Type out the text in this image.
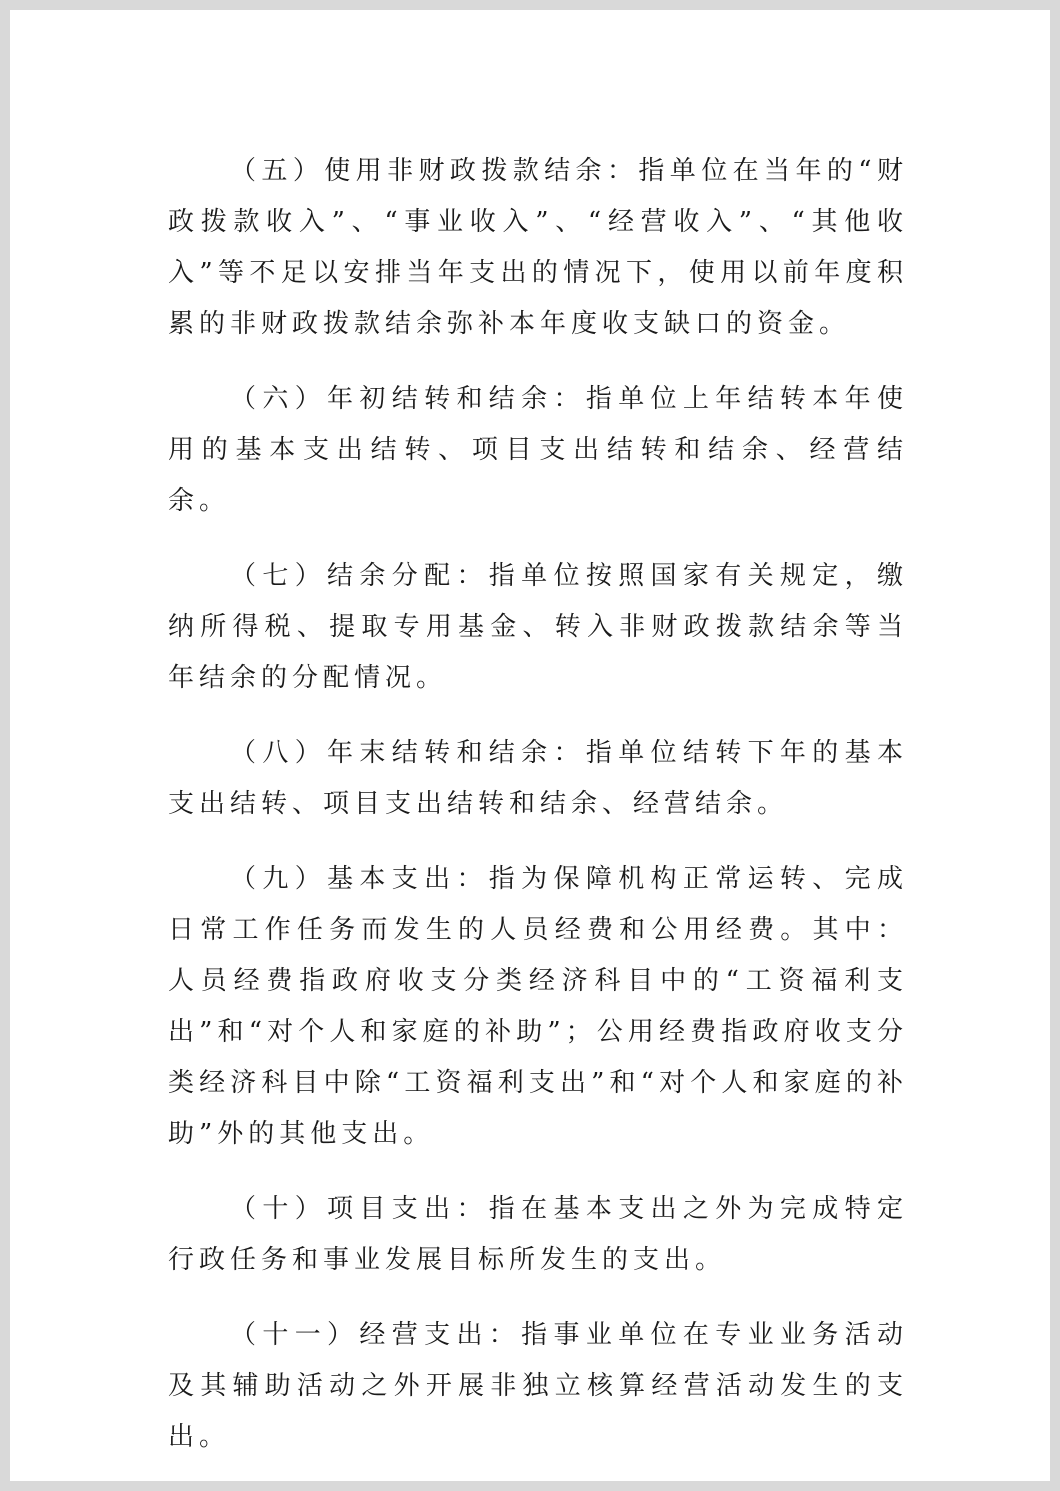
（五）使用非财政拨款结余：指单位在当年的“财政拨款收入”、“事业收入”、“经营收入”、“其他收入”等不足以安排当年支出的情况下，使用以前年度积累的非财政拨款结余弥补本年度收支缺口的资金。

（六）年初结转和结余：指单位上年结转本年使用的基本支出结转、项目支出结转和结余、经营结余。

（七）结余分配：指单位按照国家有关规定，缴纳所得税、提取专用基金、转入非财政拨款结余等当年结余的分配情况。

（八）年末结转和结余：指单位结转下年的基本支出结转、项目支出结转和结余、经营结余。

（九）基本支出：指为保障机构正常运转、完成日常工作任务而发生的人员经费和公用经费。其中：人员经费指政府收支分类经济科目中的“工资福利支出”和“对个人和家庭的补助”；公用经费指政府收支分类经济科目中除“工资福利支出”和“对个人和家庭的补助”外的其他支出。

（十）项目支出：指在基本支出之外为完成特定行政任务和事业发展目标所发生的支出。

（十一）经营支出：指事业单位在专业业务活动及其辅助活动之外开展非独立核算经营活动发生的支出。
